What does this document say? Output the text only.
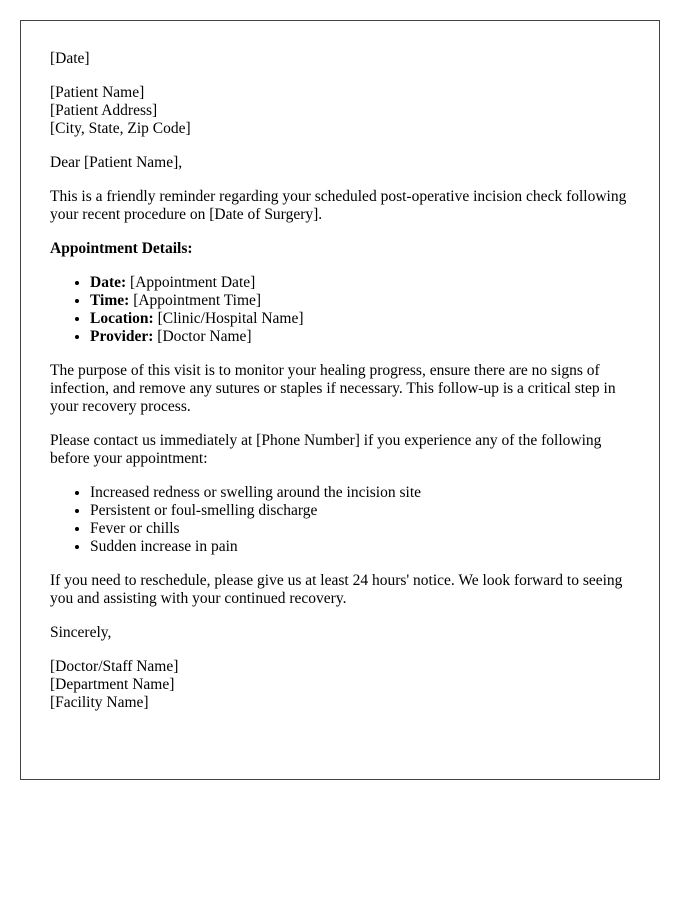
[Date]

[Patient Name]
[Patient Address]
[City, State, Zip Code]

Dear [Patient Name],

This is a friendly reminder regarding your scheduled post-operative incision check following your recent procedure on [Date of Surgery].

Appointment Details:

• Date: [Appointment Date]
• Time: [Appointment Time]
• Location: [Clinic/Hospital Name]
• Provider: [Doctor Name]

The purpose of this visit is to monitor your healing progress, ensure there are no signs of infection, and remove any sutures or staples if necessary. This follow-up is a critical step in your recovery process.

Please contact us immediately at [Phone Number] if you experience any of the following before your appointment:

• Increased redness or swelling around the incision site
• Persistent or foul-smelling discharge
• Fever or chills
• Sudden increase in pain

If you need to reschedule, please give us at least 24 hours' notice. We look forward to seeing you and assisting with your continued recovery.

Sincerely,

[Doctor/Staff Name]
[Department Name]
[Facility Name]
